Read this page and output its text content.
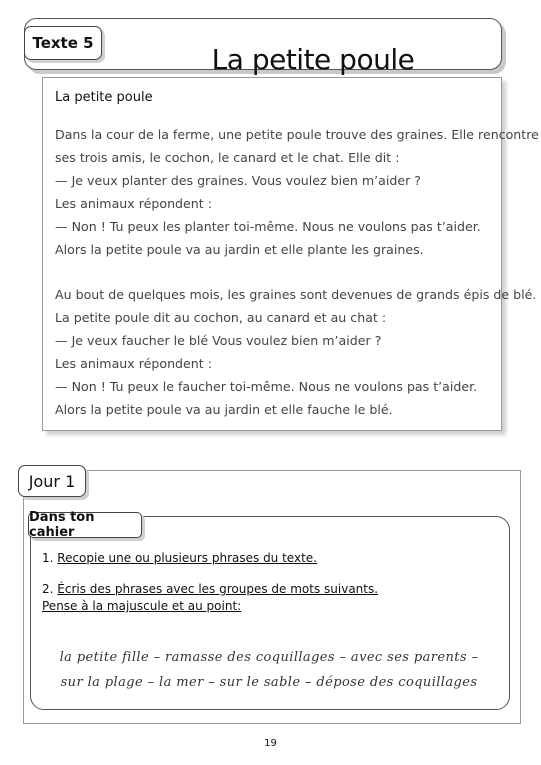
La petite poule
Texte 5
La petite poule
Dans la cour de la ferme, une petite poule trouve des graines. Elle rencontre
ses trois amis, le cochon, le canard et le chat. Elle dit :
— Je veux planter des graines. Vous voulez bien m’aider ?
Les animaux répondent :
— Non ! Tu peux les planter toi-même. Nous ne voulons pas t’aider.
Alors la petite poule va au jardin et elle plante les graines.
Au bout de quelques mois, les graines sont devenues de grands épis de blé.
La petite poule dit au cochon, au canard et au chat :
— Je veux faucher le blé Vous voulez bien m’aider ?
Les animaux répondent :
— Non ! Tu peux le faucher toi-même. Nous ne voulons pas t’aider.
Alors la petite poule va au jardin et elle fauche le blé.
Jour 1
Dans ton cahier
1. Recopie une ou plusieurs phrases du texte.
2. Écris des phrases avec les groupes de mots suivants.
Pense à la majuscule et au point:
la petite fille – ramasse des coquillages – avec ses parents –
sur la plage – la mer – sur le sable – dépose des coquillages
19
